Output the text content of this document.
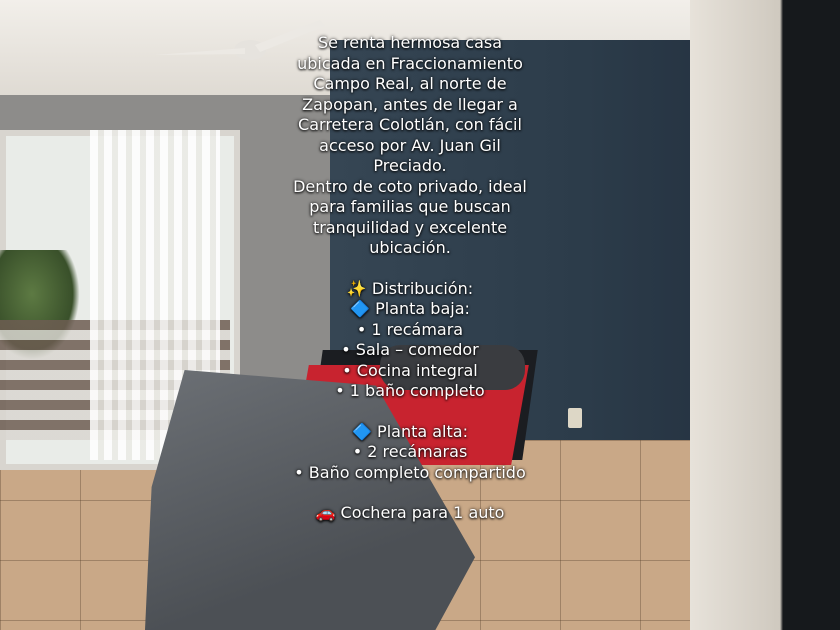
Se renta hermosa casa
ubicada en Fraccionamiento
Campo Real, al norte de
Zapopan, antes de llegar a
Carretera Colotlán, con fácil
acceso por Av. Juan Gil
Preciado.
Dentro de coto privado, ideal
para familias que buscan
tranquilidad y excelente
ubicación.
✨ Distribución:
🔷 Planta baja:
• 1 recámara
• Sala – comedor
• Cocina integral
• 1 baño completo
🔷 Planta alta:
• 2 recámaras
• Baño completo compartido
🚗 Cochera para 1 auto
